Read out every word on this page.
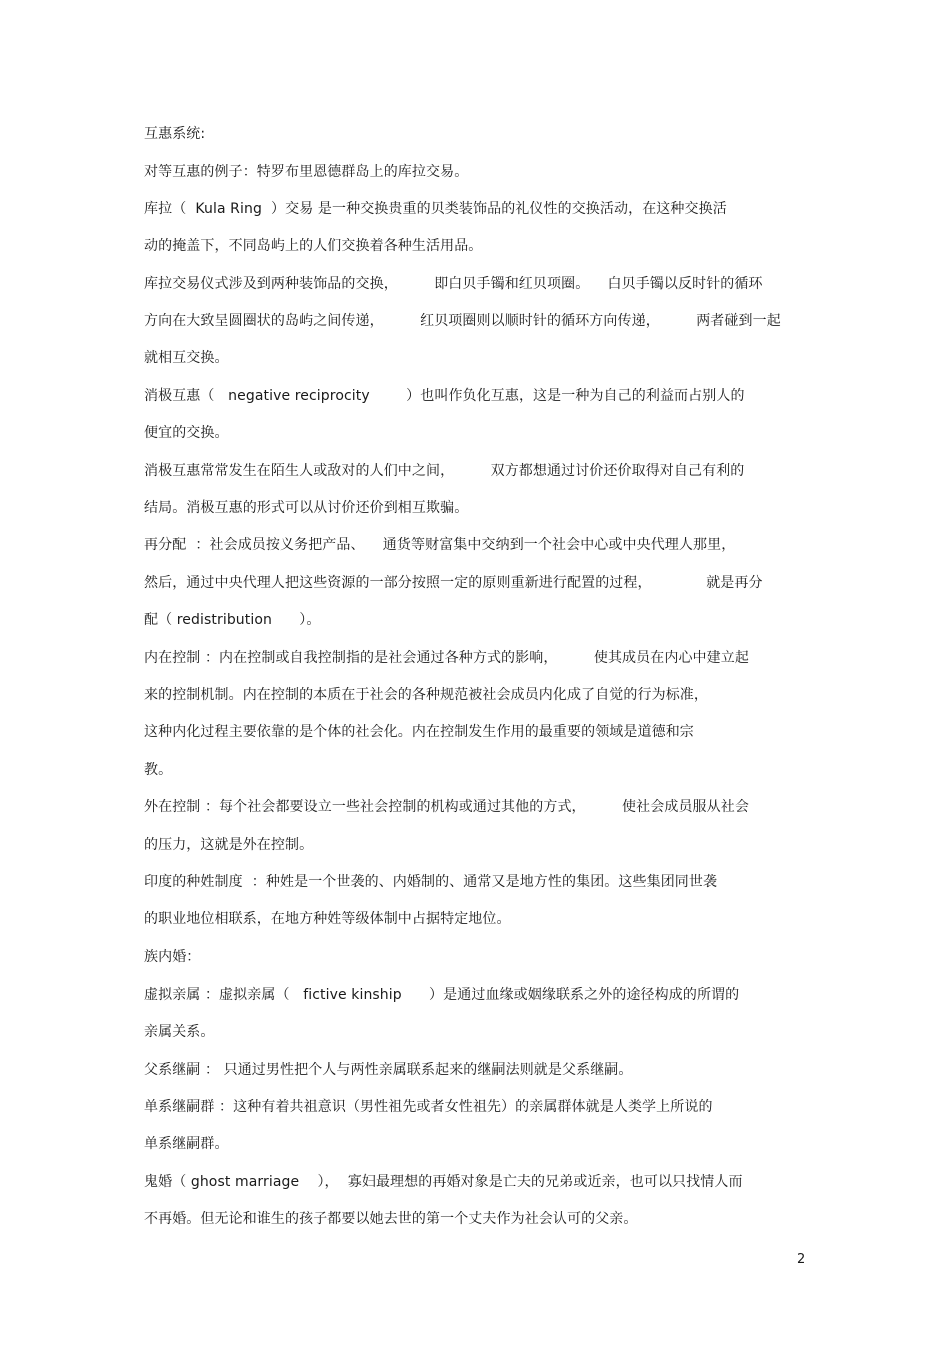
互惠系统:
对等互惠的例子：特罗布里恩德群岛上的库拉交易。
库拉（  Kula Ring  ）交易 是一种交换贵重的贝类装饰品的礼仪性的交换活动，在这种交换活
动的掩盖下，不同岛屿上的人们交换着各种生活用品。
库拉交易仪式涉及到两种装饰品的交换，        即白贝手镯和红贝项圈。    白贝手镯以反时针的循环
方向在大致呈圆圈状的岛屿之间传递，        红贝项圈则以顺时针的循环方向传递，        两者碰到一起
就相互交换。
消极互惠（   negative reciprocity        ）也叫作负化互惠，这是一种为自己的利益而占别人的
便宜的交换。
消极互惠常常发生在陌生人或敌对的人们中之间，        双方都想通过讨价还价取得对自己有利的
结局。消极互惠的形式可以从讨价还价到相互欺骗。
再分配  ：社会成员按义务把产品、    通货等财富集中交纳到一个社会中心或中央代理人那里，
然后，通过中央代理人把这些资源的一部分按照一定的原则重新进行配置的过程，            就是再分
配（ redistribution      ）。
内在控制 ：内在控制或自我控制指的是社会通过各种方式的影响，        使其成员在内心中建立起
来的控制机制。内在控制的本质在于社会的各种规范被社会成员内化成了自觉的行为标准，
这种内化过程主要依靠的是个体的社会化。内在控制发生作用的最重要的领域是道德和宗
教。
外在控制 ：每个社会都要设立一些社会控制的机构或通过其他的方式，        使社会成员服从社会
的压力，这就是外在控制。
印度的种姓制度  ：种姓是一个世袭的、内婚制的、通常又是地方性的集团。这些集团同世袭
的职业地位相联系，在地方种姓等级体制中占据特定地位。
族内婚：
虚拟亲属 ：虚拟亲属（   fictive kinship      ）是通过血缘或姻缘联系之外的途径构成的所谓的
亲属关系。
父系继嗣 ： 只通过男性把个人与两性亲属联系起来的继嗣法则就是父系继嗣。
单系继嗣群 ：这种有着共祖意识（男性祖先或者女性祖先）的亲属群体就是人类学上所说的
单系继嗣群。
鬼婚（ ghost marriage    ），  寡妇最理想的再婚对象是亡夫的兄弟或近亲，也可以只找情人而
不再婚。但无论和谁生的孩子都要以她去世的第一个丈夫作为社会认可的父亲。
2
